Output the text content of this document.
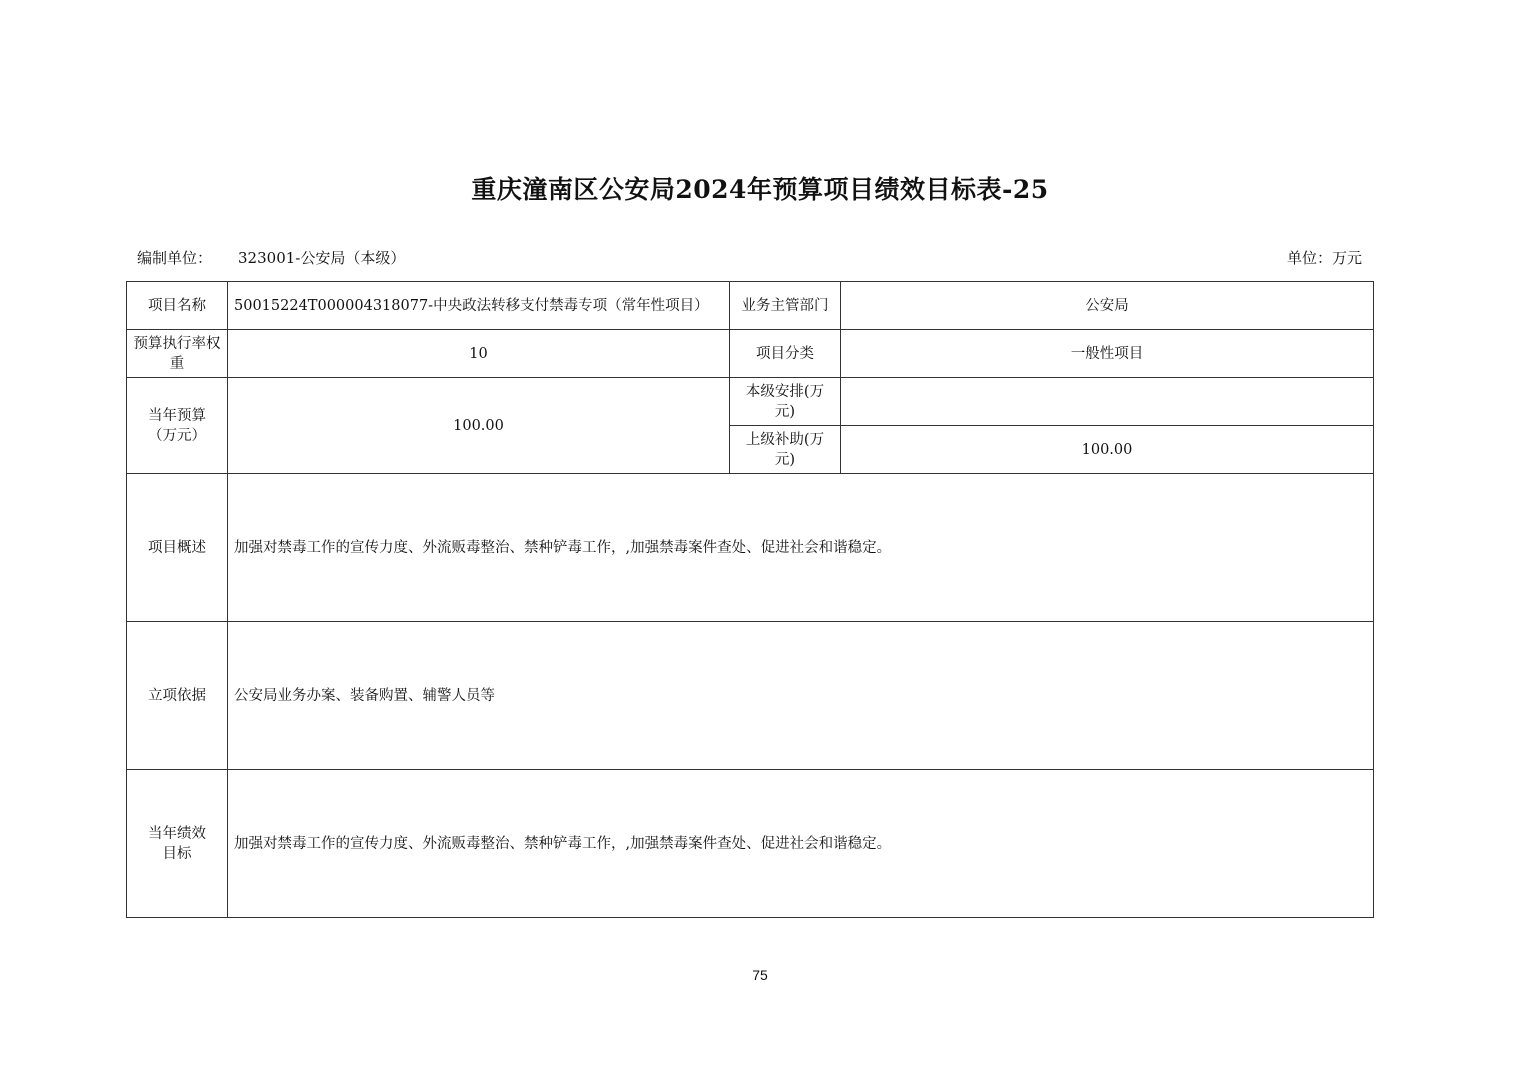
重庆潼南区公安局2024年预算项目绩效目标表-25
编制单位： 323001-公安局（本级）	单位：万元
项目名称	50015224T000004318077-中央政法转移支付禁毒专项（常年性项目）	业务主管部门	公安局
预算执行率权重	10	项目分类	一般性项目
当年预算（万元）	100.00	本级安排(万元)	
		上级补助(万元)	100.00
项目概述	加强对禁毒工作的宣传力度、外流贩毒整治、禁种铲毒工作，,加强禁毒案件查处、促进社会和谐稳定。		
立项依据	公安局业务办案、装备购置、辅警人员等		
当年绩效目标	加强对禁毒工作的宣传力度、外流贩毒整治、禁种铲毒工作，,加强禁毒案件查处、促进社会和谐稳定。		
75
